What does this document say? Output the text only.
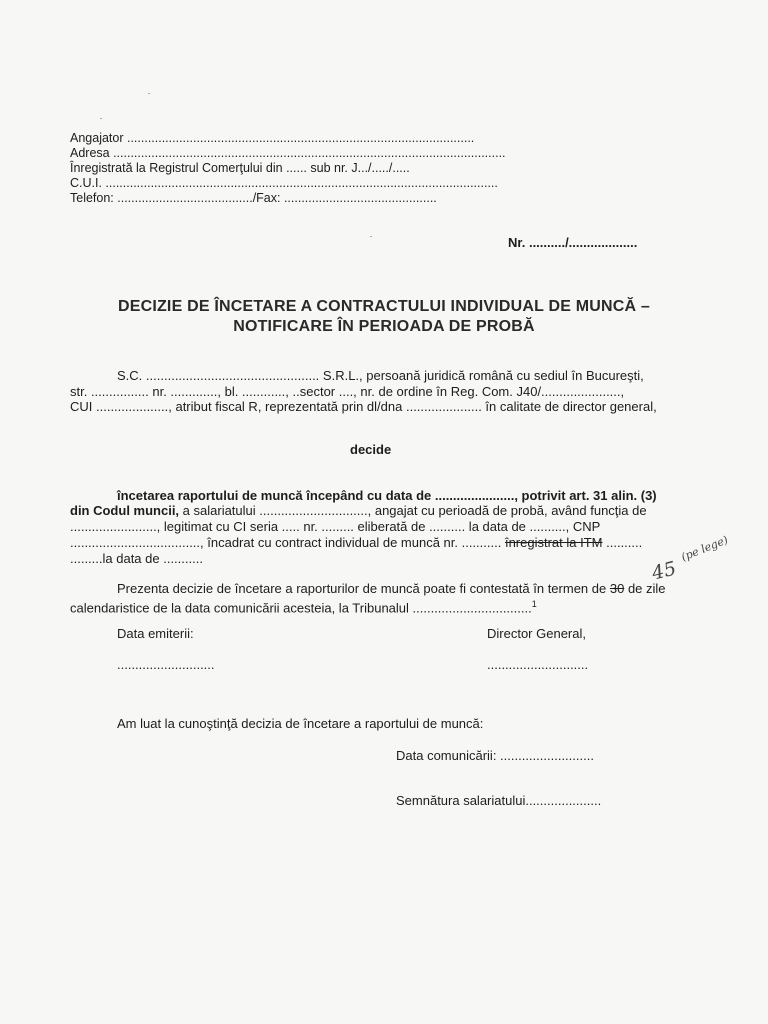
Angajator ....................................................................................................
Adresa .................................................................................................................
Înregistrată la Registrul Comerţului din ...... sub nr. J.../...../.....
C.U.I. .................................................................................................................
Telefon: ......................................./Fax: ............................................
Nr. ........../...................
DECIZIE DE ÎNCETARE A CONTRACTULUI INDIVIDUAL DE MUNCĂ –
NOTIFICARE ÎN PERIOADA DE PROBĂ
S.C. ................................................ S.R.L., persoană juridică română cu sediul în Bucureşti,
str. ................ nr. ............., bl. ............, ..sector ...., nr. de ordine în Reg. Com. J40/......................,
CUI ...................., atribut fiscal R, reprezentată prin dl/dna ..................... în calitate de director general,
decide
încetarea raportului de muncă începând cu data de ......................, potrivit art. 31 alin. (3)
din Codul muncii, a salariatului .............................., angajat cu perioadă de probă, având funcţia de
........................, legitimat cu CI seria ..... nr. ......... eliberată de .......... la data de .........., CNP
...................................., încadrat cu contract individual de muncă nr. ........... înregistrat la ITM ..........
.........la data de ...........	45
(pe lege)
Prezenta decizie de încetare a raporturilor de muncă poate fi contestată în termen de 30 de zile
calendaristice de la data comunicării acesteia, la Tribunalul .................................$^1$
Data emiterii:
...........................
Director General,
............................
Am luat la cunoştinţă decizia de încetare a raportului de muncă:
Data comunicării: ..........................
Semnătura salariatului.....................
